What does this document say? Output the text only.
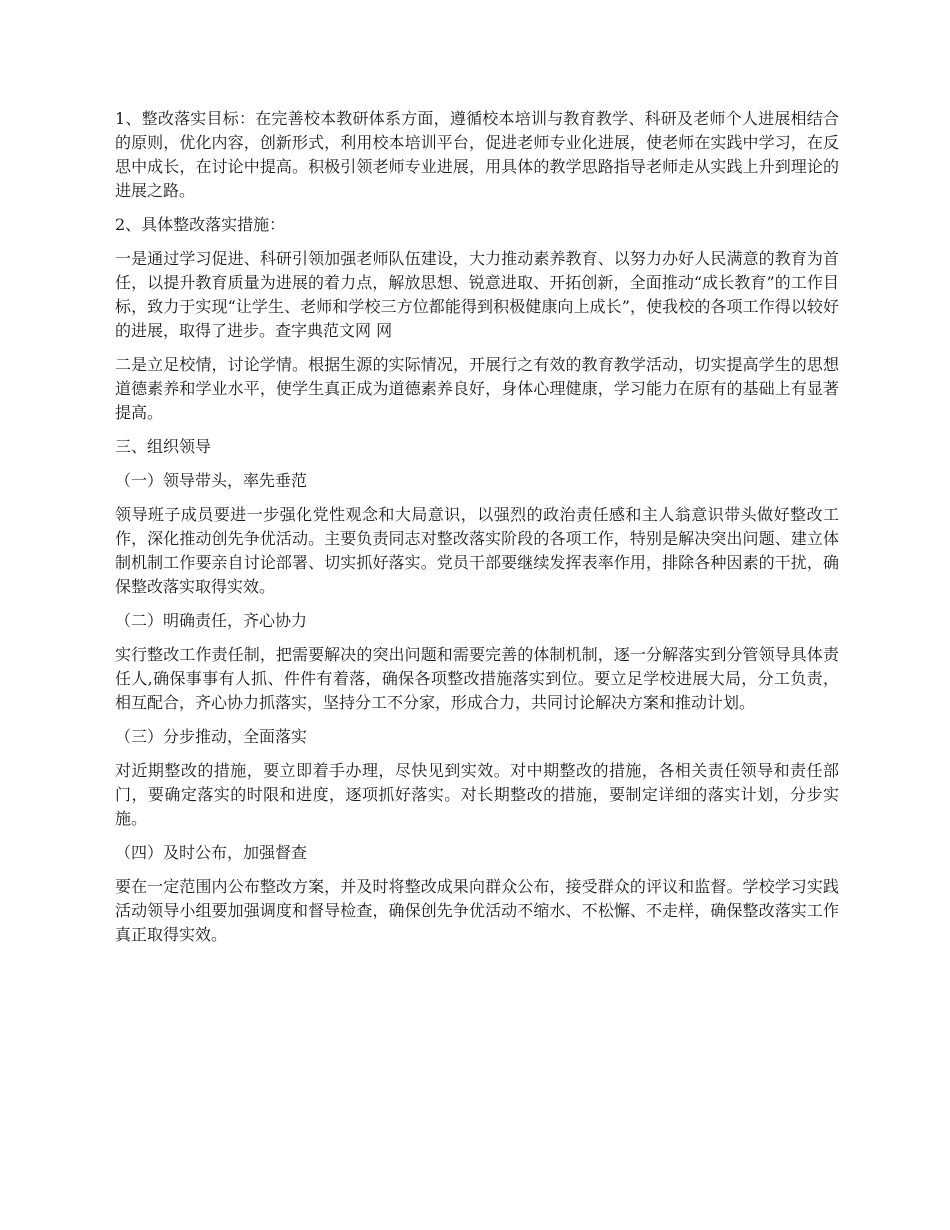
1、整改落实目标：在完善校本教研体系方面，遵循校本培训与教育教学、科研及老师个人进展相结合的原则，优化内容，创新形式，利用校本培训平台，促进老师专业化进展，使老师在实践中学习，在反思中成长，在讨论中提高。积极引领老师专业进展，用具体的教学思路指导老师走从实践上升到理论的进展之路。

2、具体整改落实措施：

一是通过学习促进、科研引领加强老师队伍建设，大力推动素养教育、以努力办好人民满意的教育为首任，以提升教育质量为进展的着力点，解放思想、锐意进取、开拓创新，全面推动“成长教育”的工作目标，致力于实现“让学生、老师和学校三方位都能得到积极健康向上成长”，使我校的各项工作得以较好的进展，取得了进步。查字典范文网 网

二是立足校情，讨论学情。根据生源的实际情况，开展行之有效的教育教学活动，切实提高学生的思想道德素养和学业水平，使学生真正成为道德素养良好，身体心理健康，学习能力在原有的基础上有显著提高。

三、组织领导

（一）领导带头，率先垂范

领导班子成员要进一步强化党性观念和大局意识，以强烈的政治责任感和主人翁意识带头做好整改工作，深化推动创先争优活动。主要负责同志对整改落实阶段的各项工作，特别是解决突出问题、建立体制机制工作要亲自讨论部署、切实抓好落实。党员干部要继续发挥表率作用，排除各种因素的干扰，确保整改落实取得实效。

（二）明确责任，齐心协力

实行整改工作责任制，把需要解决的突出问题和需要完善的体制机制，逐一分解落实到分管领导具体责任人,确保事事有人抓、件件有着落，确保各项整改措施落实到位。要立足学校进展大局，分工负责，相互配合，齐心协力抓落实，坚持分工不分家，形成合力，共同讨论解决方案和推动计划。

（三）分步推动，全面落实

对近期整改的措施，要立即着手办理，尽快见到实效。对中期整改的措施，各相关责任领导和责任部门，要确定落实的时限和进度，逐项抓好落实。对长期整改的措施，要制定详细的落实计划，分步实施。

（四）及时公布，加强督查

要在一定范围内公布整改方案，并及时将整改成果向群众公布，接受群众的评议和监督。学校学习实践活动领导小组要加强调度和督导检查，确保创先争优活动不缩水、不松懈、不走样，确保整改落实工作真正取得实效。
